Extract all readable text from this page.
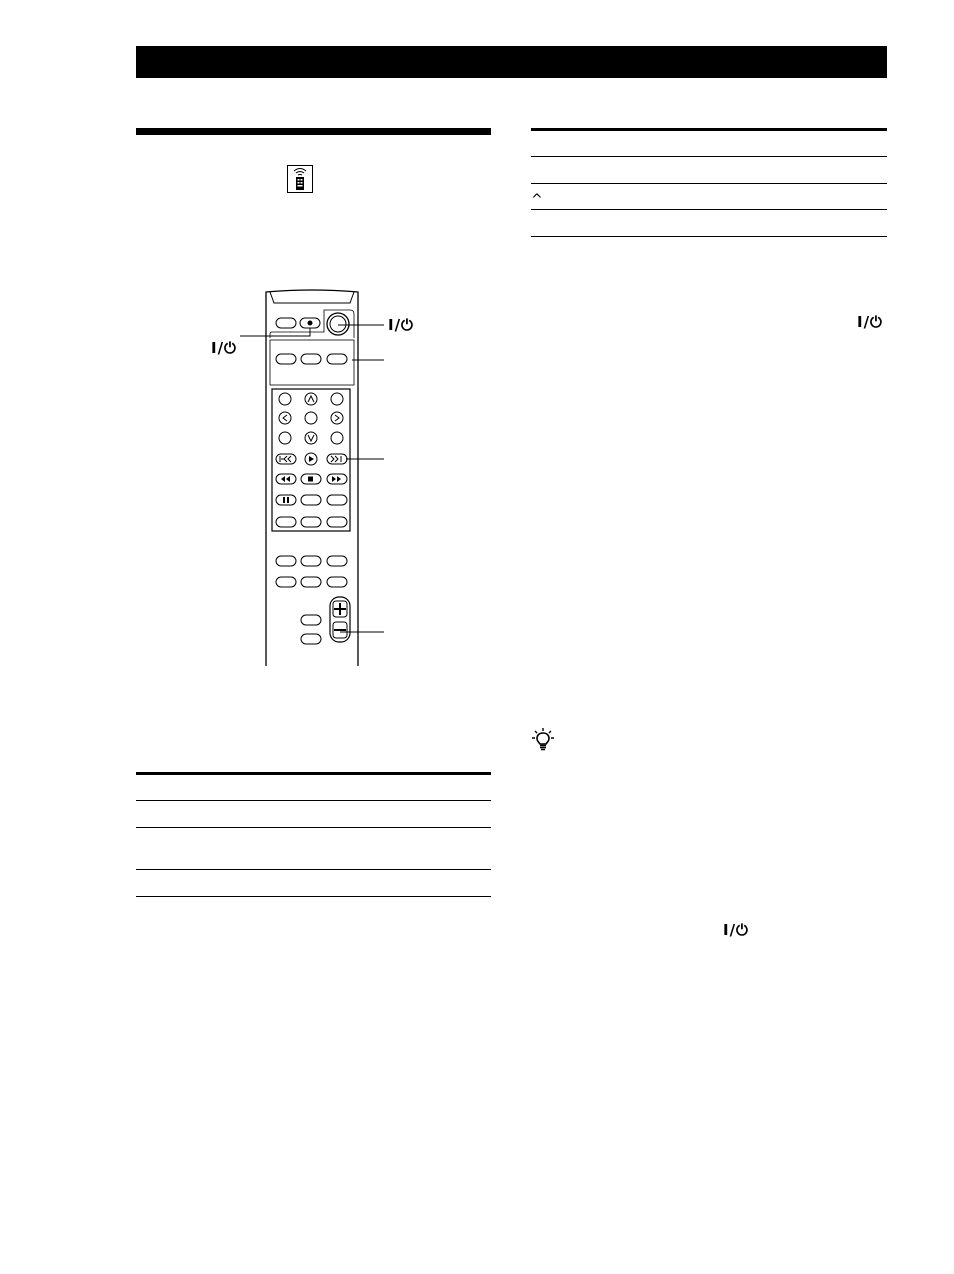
I/⏻
I/⏻	I/⏻
I/⏻
^
